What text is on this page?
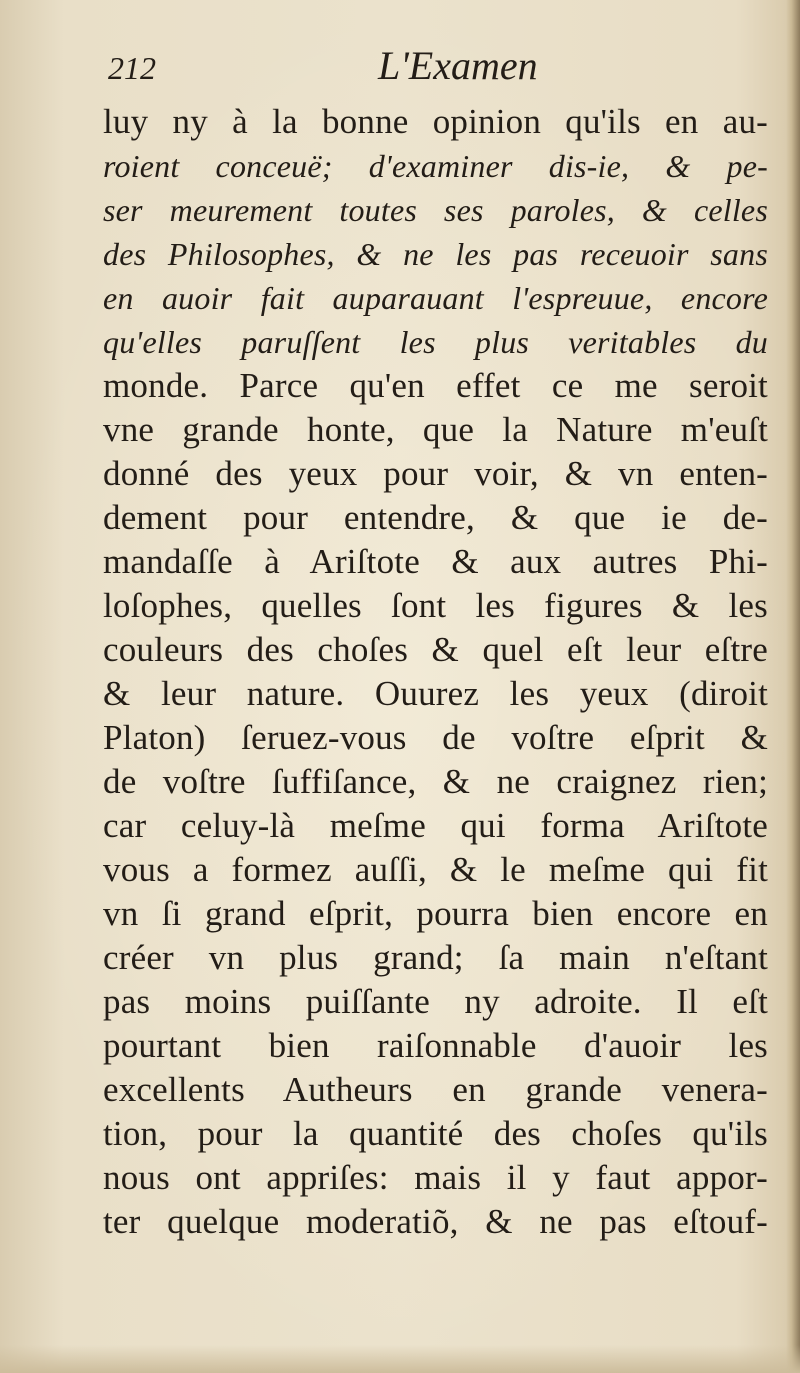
212	L'Examen
luy ny à la bonne opinion qu'ils en au-
roient conceuë; d'examiner dis-ie, & pe-
ser meurement toutes ses paroles, & celles
des Philosophes, & ne les pas receuoir sans
en auoir fait auparauant l'espreuue, encore
qu'elles paruſſent les plus veritables du
monde. Parce qu'en effet ce me seroit
vne grande honte, que la Nature m'euſt
donné des yeux pour voir, & vn enten-
dement pour entendre, & que ie de-
mandaſſe à Ariſtote & aux autres Phi-
loſophes, quelles ſont les figures & les
couleurs des choſes & quel eſt leur eſtre
& leur nature. Ouurez les yeux (diroit
Platon) ſeruez-vous de voſtre eſprit &
de voſtre ſuffiſance, & ne craignez rien;
car celuy-là meſme qui forma Ariſtote
vous a formez auſſi, & le meſme qui fit
vn ſi grand eſprit, pourra bien encore en
créer vn plus grand; ſa main n'eſtant
pas moins puiſſante ny adroite. Il eſt
pourtant bien raiſonnable d'auoir les
excellents Autheurs en grande venera-
tion, pour la quantité des choſes qu'ils
nous ont appriſes: mais il y faut appor-
ter quelque moderatiõ, & ne pas eſtouf-
